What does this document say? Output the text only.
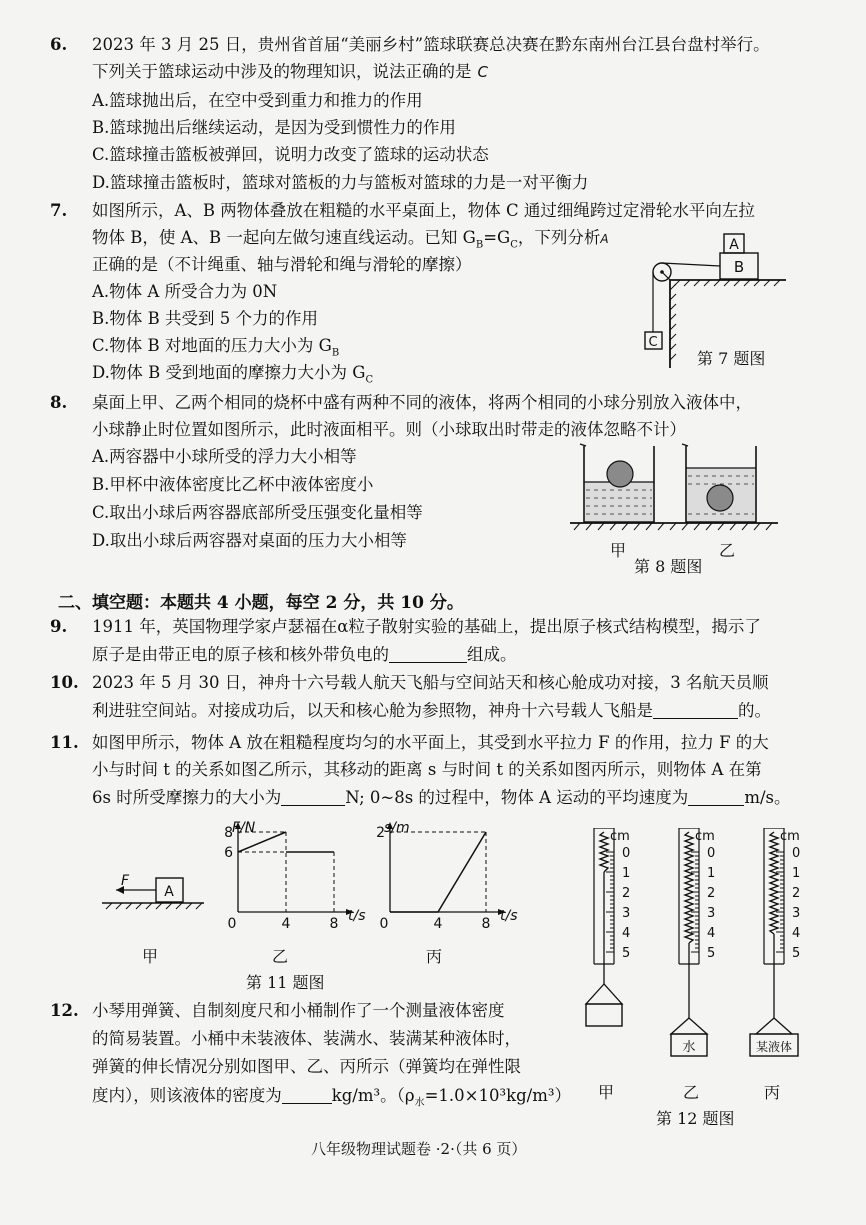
6. 2023 年 3 月 25 日，贵州省首届“美丽乡村”篮球联赛总决赛在黔东南州台江县台盘村举行。
下列关于篮球运动中涉及的物理知识，说法正确的是 C
A.篮球抛出后，在空中受到重力和推力的作用
B.篮球抛出后继续运动，是因为受到惯性力的作用
C.篮球撞击篮板被弹回，说明力改变了篮球的运动状态
D.篮球撞击篮板时，篮球对篮板的力与篮板对篮球的力是一对平衡力
7. 如图所示，A、B 两物体叠放在粗糙的水平桌面上，物体 C 通过细绳跨过定滑轮水平向左拉
物体 B，使 A、B 一起向左做匀速直线运动。已知 $G_B=G_C$，下列分析A
正确的是（不计绳重、轴与滑轮和绳与滑轮的摩擦）
A.物体 A 所受合力为 0N
B.物体 B 共受到 5 个力的作用
C.物体 B 对地面的压力大小为 $G_B$
D.物体 B 受到地面的摩擦力大小为 $G_C$
A
B
C
第 7 题图
8. 桌面上甲、乙两个相同的烧杯中盛有两种不同的液体，将两个相同的小球分别放入液体中，
小球静止时位置如图所示，此时液面相平。则（小球取出时带走的液体忽略不计）
A.两容器中小球所受的浮力大小相等
B.甲杯中液体密度比乙杯中液体密度小
C.取出小球后两容器底部所受压强变化量相等
D.取出小球后两容器对桌面的压力大小相等
甲	乙
第 8 题图
二、填空题：本题共 4 小题，每空 2 分，共 10 分。
9. 1911 年，英国物理学家卢瑟福在α粒子散射实验的基础上，提出原子核式结构模型，揭示了
原子是由带正电的原子核和核外带负电的	组成。
10. 2023 年 5 月 30 日，神舟十六号载人航天飞船与空间站天和核心舱成功对接，3 名航天员顺
利进驻空间站。对接成功后，以天和核心舱为参照物，神舟十六号载人飞船是	的。
11. 如图甲所示，物体 A 放在粗糙程度均匀的水平面上，其受到水平拉力 F 的作用，拉力 F 的大
小与时间 t 的关系如图乙所示，其移动的距离 s 与时间 t 的关系如图丙所示，则物体 A 在第
6s 时所受摩擦力的大小为	N; 0~8s 的过程中，物体 A 运动的平均速度为	m/s。
A
F
甲
F/N
t/s
8
6
0	4	8
乙
s/m
t/s
2
0	4	8
丙
第 11 题图
12. 小琴用弹簧、自制刻度尺和小桶制作了一个测量液体密度
的简易装置。小桶中未装液体、装满水、装满某种液体时，
弹簧的伸长情况分别如图甲、乙、丙所示（弹簧均在弹性限
度内），则该液体的密度为	kg/m³。$(\rho_水=1.0\times 10^3kg/m^3)$
水	某液体
cm	cm	cm
0
1
2
3
4
5
0
1
2
3
4
5
0
1
2
3
4
5
甲	乙	丙
第 12 题图
八年级物理试题卷 ·2·（共 6 页）
